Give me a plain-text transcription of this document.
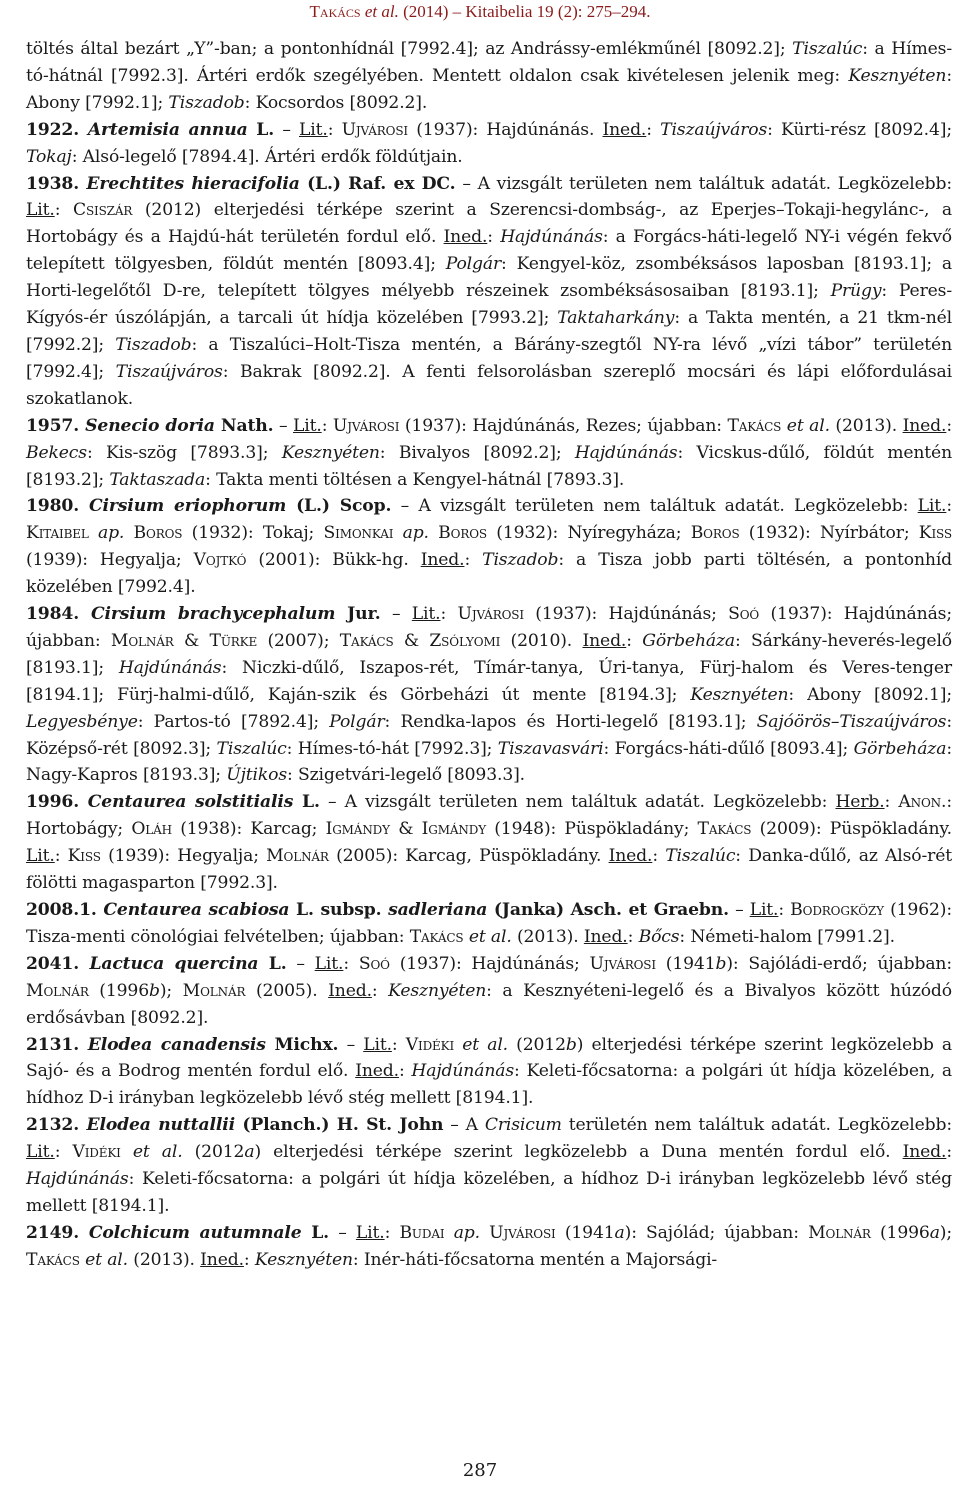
Takács et al. (2014) – Kitaibelia 19 (2): 275–294.

töltés által bezárt „Y”-ban; a pontonhídnál [7992.4]; az Andrássy-emlékműnél [8092.2]; Tiszalúc: a Hímes-tó-hátnál [7992.3]. Ártéri erdők szegélyében. Mentett oldalon csak kivételesen jelenik meg: Kesznyéten: Abony [7992.1]; Tiszadob: Kocsordos [8092.2].

1922. Artemisia annua L. – Lit.: Ujvárosi (1937): Hajdúnánás. Ined.: Tiszaújváros: Kürti-rész [8092.4]; Tokaj: Alsó-legelő [7894.4]. Ártéri erdők földútjain.

1938. Erechtites hieracifolia (L.) Raf. ex DC. – A vizsgált területen nem találtuk adatát. Legközelebb: Lit.: Csiszár (2012) elterjedési térképe szerint a Szerencsi-dombság-, az Eperjes–Tokaji-hegylánc-, a Hortobágy és a Hajdú-hát területén fordul elő. Ined.: Hajdúnánás: a Forgács-háti-legelő NY-i végén fekvő telepített tölgyesben, földút mentén [8093.4]; Polgár: Kengyel-köz, zsombéksásos laposban [8193.1]; a Horti-legelőtől D-re, telepített tölgyes mélyebb részeinek zsombéksásosaiban [8193.1]; Prügy: Peres-Kígyós-ér úszólápján, a tarcali út hídja közelében [7993.2]; Taktaharkány: a Takta mentén, a 21 tkm-nél [7992.2]; Tiszadob: a Tiszalúci–Holt-Tisza mentén, a Bárány-szegtől NY-ra lévő „vízi tábor” területén [7992.4]; Tiszaújváros: Bakrak [8092.2]. A fenti felsorolásban szereplő mocsári és lápi előfordulásai szokatlanok.

1957. Senecio doria Nath. – Lit.: Ujvárosi (1937): Hajdúnánás, Rezes; újabban: Takács et al. (2013). Ined.: Bekecs: Kis-szög [7893.3]; Kesznyéten: Bivalyos [8092.2]; Hajdúnánás: Vicskus-dűlő, földút mentén [8193.2]; Taktaszada: Takta menti töltésen a Kengyel-hátnál [7893.3].

1980. Cirsium eriophorum (L.) Scop. – A vizsgált területen nem találtuk adatát. Legközelebb: Lit.: Kitaibel ap. Boros (1932): Tokaj; Simonkai ap. Boros (1932): Nyíregyháza; Boros (1932): Nyírbátor; Kiss (1939): Hegyalja; Vojtkó (2001): Bükk-hg. Ined.: Tiszadob: a Tisza jobb parti töltésén, a pontonhíd közelében [7992.4].

1984. Cirsium brachycephalum Jur. – Lit.: Ujvárosi (1937): Hajdúnánás; Soó (1937): Hajdúnánás; újabban: Molnár & Türke (2007); Takács & Zsólyomi (2010). Ined.: Görbeháza: Sárkány-heverés-legelő [8193.1]; Hajdúnánás: Niczki-dűlő, Iszapos-rét, Tímár-tanya, Úri-tanya, Fürj-halom és Veres-tenger [8194.1]; Fürj-halmi-dűlő, Kaján-szik és Görbeházi út mente [8194.3]; Kesznyéten: Abony [8092.1]; Legyesbénye: Partos-tó [7892.4]; Polgár: Rendka-lapos és Horti-legelő [8193.1]; Sajóörös–Tiszaújváros: Középső-rét [8092.3]; Tiszalúc: Hímes-tó-hát [7992.3]; Tiszavasvári: Forgács-háti-dűlő [8093.4]; Görbeháza: Nagy-Kapros [8193.3]; Újtikos: Szigetvári-legelő [8093.3].

1996. Centaurea solstitialis L. – A vizsgált területen nem találtuk adatát. Legközelebb: Herb.: Anon.: Hortobágy; Oláh (1938): Karcag; Igmándy & Igmándy (1948): Püspökladány; Takács (2009): Püspökladány. Lit.: Kiss (1939): Hegyalja; Molnár (2005): Karcag, Püspökladány. Ined.: Tiszalúc: Danka-dűlő, az Alsó-rét fölötti magasparton [7992.3].

2008.1. Centaurea scabiosa L. subsp. sadleriana (Janka) Asch. et Graebn. – Lit.: Bodrogközy (1962): Tisza-menti cönológiai felvételben; újabban: Takács et al. (2013). Ined.: Bőcs: Németi-halom [7991.2].

2041. Lactuca quercina L. – Lit.: Soó (1937): Hajdúnánás; Ujvárosi (1941b): Sajóládi-erdő; újabban: Molnár (1996b); Molnár (2005). Ined.: Kesznyéten: a Kesznyéteni-legelő és a Bivalyos között húzódó erdősávban [8092.2].

2131. Elodea canadensis Michx. – Lit.: Vidéki et al. (2012b) elterjedési térképe szerint legközelebb a Sajó- és a Bodrog mentén fordul elő. Ined.: Hajdúnánás: Keleti-főcsatorna: a polgári út hídja közelében, a hídhoz D-i irányban legközelebb lévő stég mellett [8194.1].

2132. Elodea nuttallii (Planch.) H. St. John – A Crisicum területén nem találtuk adatát. Legközelebb: Lit.: Vidéki et al. (2012a) elterjedési térképe szerint legközelebb a Duna mentén fordul elő. Ined.: Hajdúnánás: Keleti-főcsatorna: a polgári út hídja közelében, a hídhoz D-i irányban legközelebb lévő stég mellett [8194.1].

2149. Colchicum autumnale L. – Lit.: Budai ap. Ujvárosi (1941a): Sajólád; újabban: Molnár (1996a); Takács et al. (2013). Ined.: Kesznyéten: Inér-háti-főcsatorna mentén a Majorsági-

287
